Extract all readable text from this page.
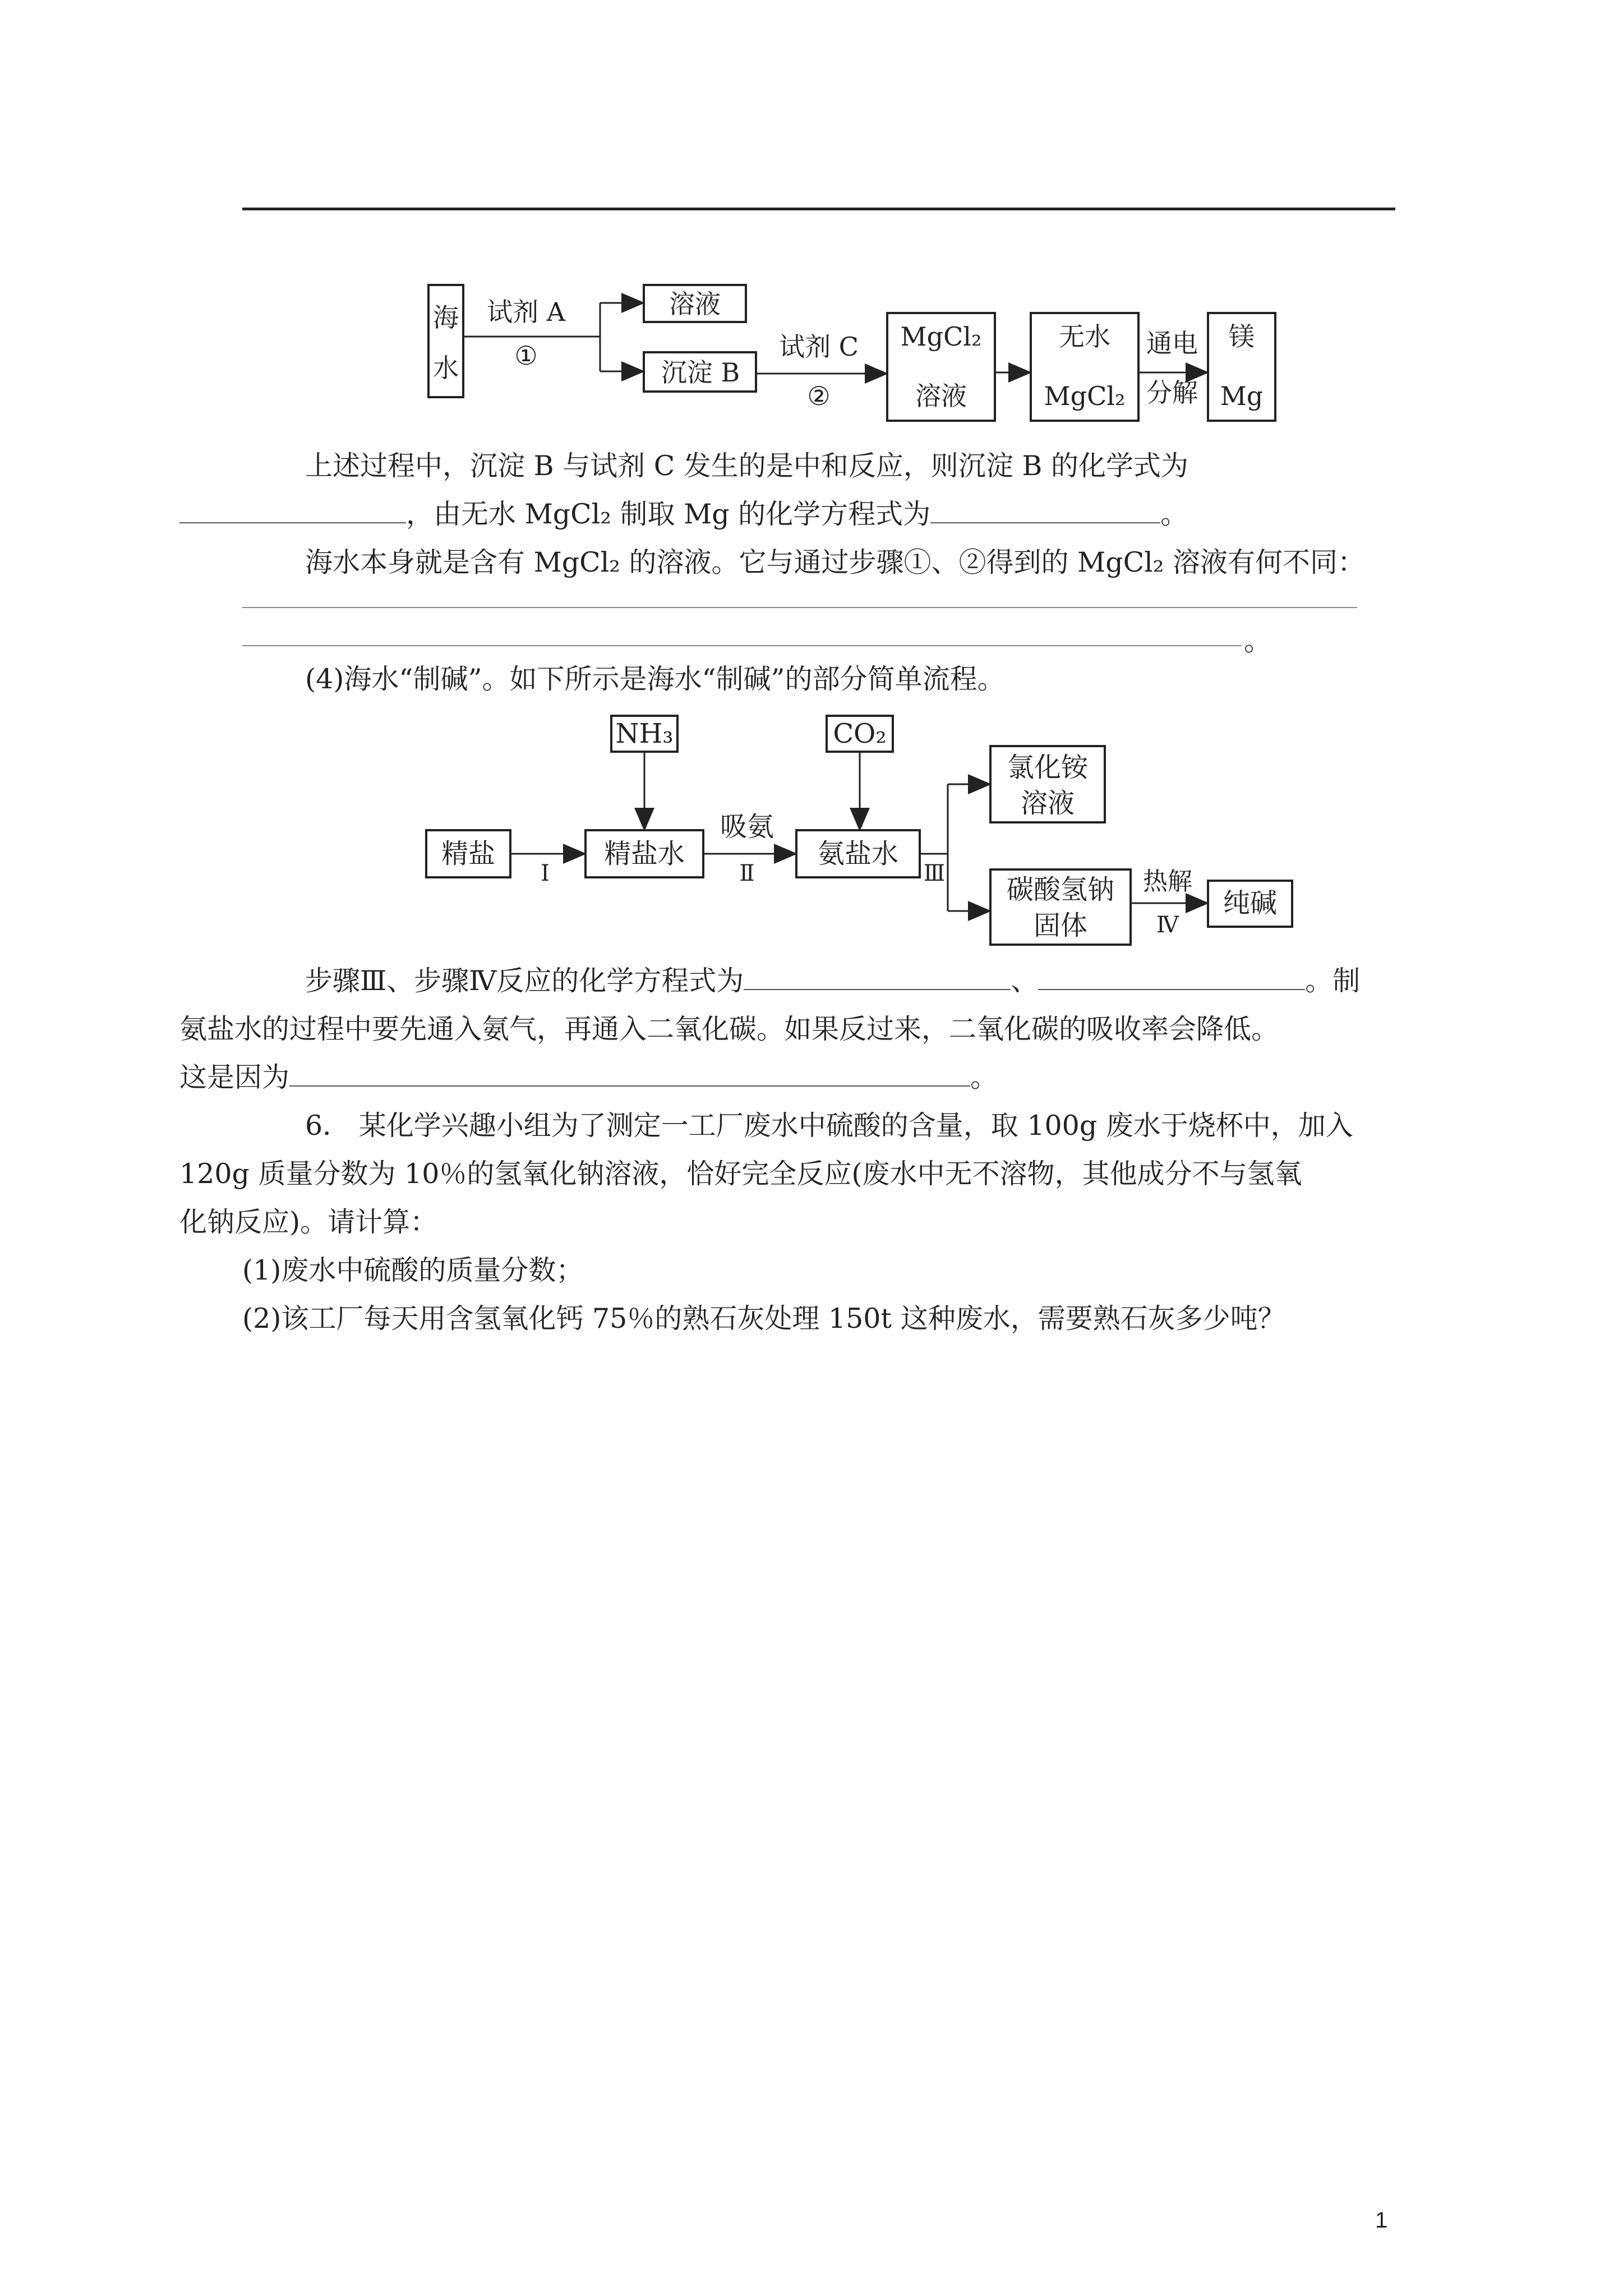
海
水
试剂 A
①
溶液
沉淀 B
试剂 C
②
MgCl₂
溶液
无水
MgCl₂
通电
分解
镁
Mg
上述过程中，沉淀 B 与试剂 C 发生的是中和反应，则沉淀 B 的化学式为
，由无水 MgCl₂ 制取 Mg 的化学方程式为	。
海水本身就是含有 MgCl₂ 的溶液。它与通过步骤①、②得到的 MgCl₂ 溶液有何不同：
。
(4)海水“制碱”。如下所示是海水“制碱”的部分简单流程。
NH₃	CO₂
精盐
Ⅰ
精盐水
吸氨
Ⅱ
氨盐水
Ⅲ
氯化铵
溶液
碳酸氢钠
固体
热解
Ⅳ
纯碱
步骤Ⅲ、步骤Ⅳ反应的化学方程式为	、	。制
氨盐水的过程中要先通入氨气，再通入二氧化碳。如果反过来，二氧化碳的吸收率会降低。
这是因为	。
6． 某化学兴趣小组为了测定一工厂废水中硫酸的含量，取 100g 废水于烧杯中，加入
120g 质量分数为 10％的氢氧化钠溶液，恰好完全反应(废水中无不溶物，其他成分不与氢氧
化钠反应)。请计算：
(1)废水中硫酸的质量分数；
(2)该工厂每天用含氢氧化钙 75％的熟石灰处理 150t 这种废水，需要熟石灰多少吨？
1
